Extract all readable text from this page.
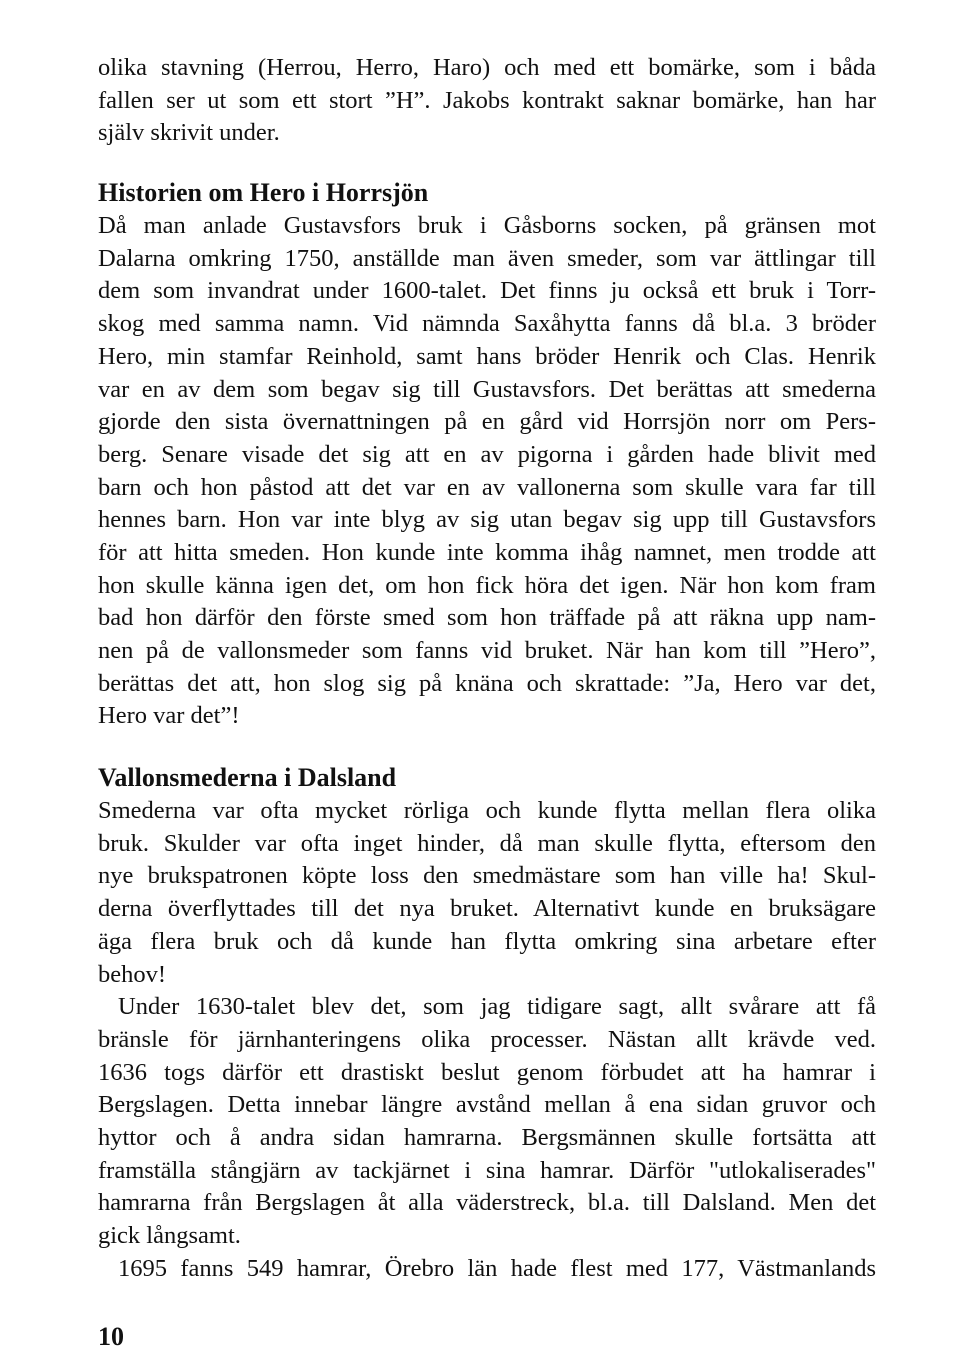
olika stavning (Herrou, Herro, Haro) och med ett bomärke, som i båda
fallen ser ut som ett stort ”H”. Jakobs kontrakt saknar bomärke, han har
själv skrivit under.
Historien om Hero i Horrsjön
Då man anlade Gustavsfors bruk i Gåsborns socken, på gränsen mot
Dalarna omkring 1750, anställde man även smeder, som var ättlingar till
dem som invandrat under 1600-talet. Det finns ju också ett bruk i Torr-
skog med samma namn. Vid nämnda Saxåhytta fanns då bl.a. 3 bröder
Hero, min stamfar Reinhold, samt hans bröder Henrik och Clas. Henrik
var en av dem som begav sig till Gustavsfors. Det berättas att smederna
gjorde den sista övernattningen på en gård vid Horrsjön norr om Pers-
berg. Senare visade det sig att en av pigorna i gården hade blivit med
barn och hon påstod att det var en av vallonerna som skulle vara far till
hennes barn. Hon var inte blyg av sig utan begav sig upp till Gustavsfors
för att hitta smeden. Hon kunde inte komma ihåg namnet, men trodde att
hon skulle känna igen det, om hon fick höra det igen. När hon kom fram
bad hon därför den förste smed som hon träffade på att räkna upp nam-
nen på de vallonsmeder som fanns vid bruket. När han kom till ”Hero”,
berättas det att, hon slog sig på knäna och skrattade: ”Ja, Hero var det,
Hero var det”!
Vallonsmederna i Dalsland
Smederna var ofta mycket rörliga och kunde flytta mellan flera olika
bruk. Skulder var ofta inget hinder, då man skulle flytta, eftersom den
nye brukspatronen köpte loss den smedmästare som han ville ha! Skul-
derna överflyttades till det nya bruket. Alternativt kunde en bruksägare
äga flera bruk och då kunde han flytta omkring sina arbetare efter
behov!
Under 1630-talet blev det, som jag tidigare sagt, allt svårare att få
bränsle för järnhanteringens olika processer. Nästan allt krävde ved.
1636 togs därför ett drastiskt beslut genom förbudet att ha hamrar i
Bergslagen. Detta innebar längre avstånd mellan å ena sidan gruvor och
hyttor och å andra sidan hamrarna. Bergsmännen skulle fortsätta att
framställa stångjärn av tackjärnet i sina hamrar. Därför "utlokaliserades"
hamrarna från Bergslagen åt alla väderstreck, bl.a. till Dalsland. Men det
gick långsamt.
1695 fanns 549 hamrar, Örebro län hade flest med 177, Västmanlands
10
